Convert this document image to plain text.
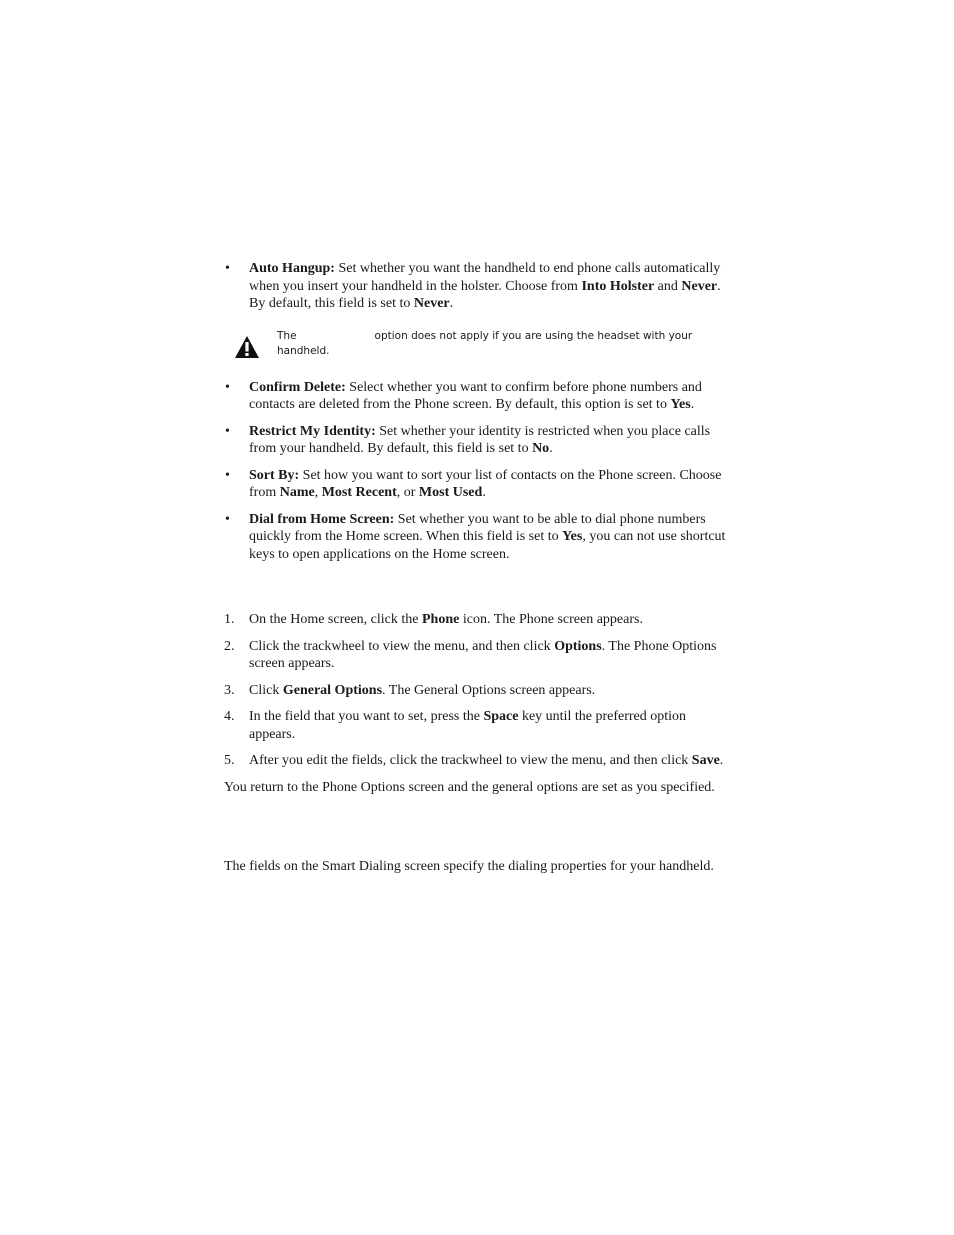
• Auto Hangup: Set whether you want the handheld to end phone calls automatically when you insert your handheld in the holster. Choose from Into Holster and Never. By default, this field is set to Never.
The	option does not apply if you are using the headset with your
handheld.
• Confirm Delete: Select whether you want to confirm before phone numbers and contacts are deleted from the Phone screen. By default, this option is set to Yes.
• Restrict My Identity: Set whether your identity is restricted when you place calls from your handheld. By default, this field is set to No.
• Sort By: Set how you want to sort your list of contacts on the Phone screen. Choose from Name, Most Recent, or Most Used.
• Dial from Home Screen: Set whether you want to be able to dial phone numbers quickly from the Home screen. When this field is set to Yes, you can not use shortcut keys to open applications on the Home screen.
1. On the Home screen, click the Phone icon. The Phone screen appears.
2. Click the trackwheel to view the menu, and then click Options. The Phone Options screen appears.
3. Click General Options. The General Options screen appears.
4. In the field that you want to set, press the Space key until the preferred option appears.
5. After you edit the fields, click the trackwheel to view the menu, and then click Save.

You return to the Phone Options screen and the general options are set as you specified.

The fields on the Smart Dialing screen specify the dialing properties for your handheld.
